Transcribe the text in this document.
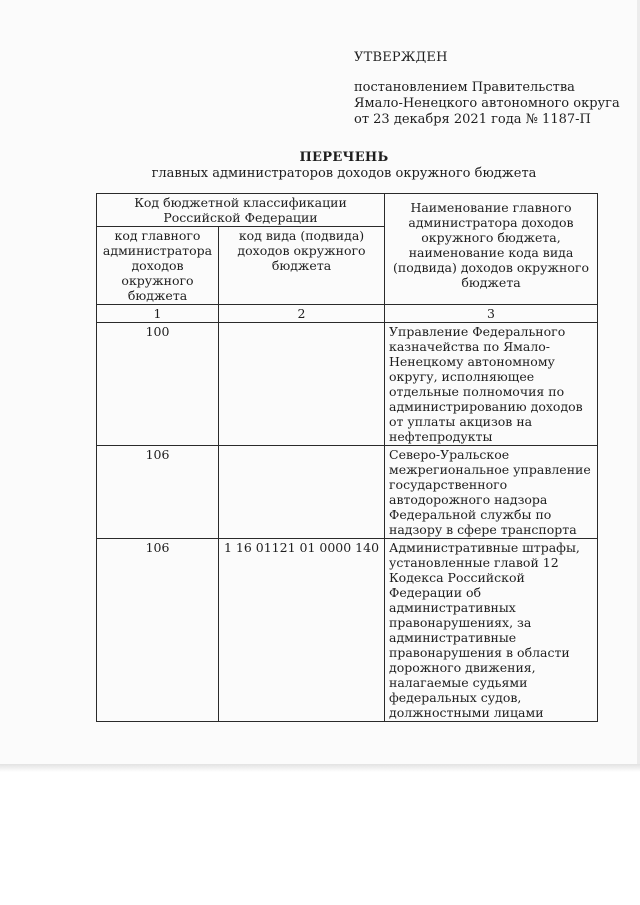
УТВЕРЖДЕН
постановлением Правительства
Ямало-Ненецкого автономного округа
от 23 декабря 2021 года № 1187-П
ПЕРЕЧЕНЬ
главных администраторов доходов окружного бюджета
Код бюджетной классификации Российской Федерации		Наименование главного администратора доходов окружного бюджета, наименование кода вида (подвида) доходов окружного бюджета
код главного администратора доходов окружного бюджета	код вида (подвида) доходов окружного бюджета	
1	2	3
100		Управление Федерального казначейства по Ямало-Ненецкому автономному округу, исполняющее отдельные полномочия по администрированию доходов от уплаты акцизов на нефтепродукты
106		Северо-Уральское межрегиональное управление государственного автодорожного надзора Федеральной службы по надзору в сфере транспорта
106	1 16 01121 01 0000 140	Административные штрафы, установленные главой 12 Кодекса Российской Федерации об административных правонарушениях, за административные правонарушения в области дорожного движения, налагаемые судьями федеральных судов, должностными лицами
